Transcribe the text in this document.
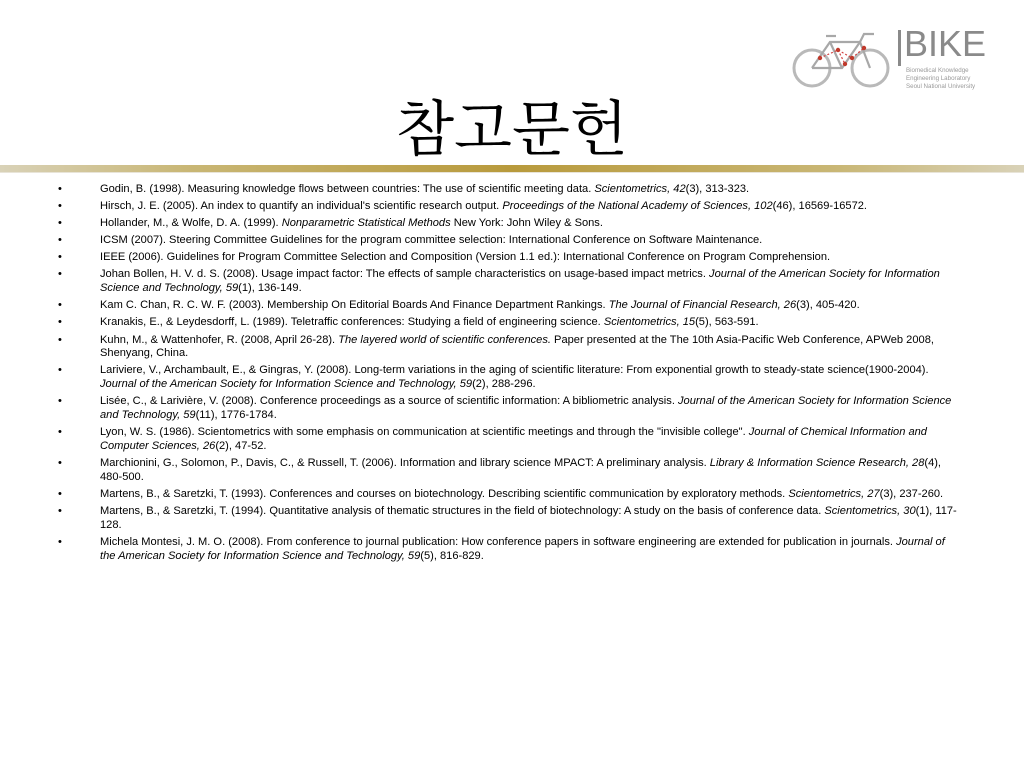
참고문헌
BIKE
Biomedical Knowledge
Engineering Laboratory
Seoul National University
•	Godin, B. (1998). Measuring knowledge flows between countries: The use of scientific meeting data. Scientometrics, 42(3), 313-323.
•	Hirsch, J. E. (2005). An index to quantify an individual's scientific research output. Proceedings of the National Academy of Sciences, 102(46), 16569-16572.
•	Hollander, M., & Wolfe, D. A. (1999). Nonparametric Statistical Methods New York: John Wiley & Sons.
•	ICSM (2007). Steering Committee Guidelines for the program committee selection: International Conference on Software Maintenance.
•	IEEE (2006). Guidelines for Program Committee Selection and Composition (Version 1.1 ed.): International Conference on Program Comprehension.
•	Johan Bollen, H. V. d. S. (2008). Usage impact factor: The effects of sample characteristics on usage-based impact metrics. Journal of the American Society for Information Science and Technology, 59(1), 136-149.
•	Kam C. Chan, R. C. W. F. (2003). Membership On Editorial Boards And Finance Department Rankings. The Journal of Financial Research, 26(3), 405-420.
•	Kranakis, E., & Leydesdorff, L. (1989). Teletraffic conferences: Studying a field of engineering science. Scientometrics, 15(5), 563-591.
•	Kuhn, M., & Wattenhofer, R. (2008, April 26-28). The layered world of scientific conferences. Paper presented at the The 10th Asia-Pacific Web Conference, APWeb 2008, Shenyang, China.
•	Lariviere, V., Archambault, E., & Gingras, Y. (2008). Long-term variations in the aging of scientific literature: From exponential growth to steady-state science(1900-2004). Journal of the American Society for Information Science and Technology, 59(2), 288-296.
•	Lisée, C., & Larivière, V. (2008). Conference proceedings as a source of scientific information: A bibliometric analysis. Journal of the American Society for Information Science and Technology, 59(11), 1776-1784.
•	Lyon, W. S. (1986). Scientometrics with some emphasis on communication at scientific meetings and through the "invisible college". Journal of Chemical Information and Computer Sciences, 26(2), 47-52.
•	Marchionini, G., Solomon, P., Davis, C., & Russell, T. (2006). Information and library science MPACT: A preliminary analysis. Library & Information Science Research, 28(4), 480-500.
•	Martens, B., & Saretzki, T. (1993). Conferences and courses on biotechnology. Describing scientific communication by exploratory methods. Scientometrics, 27(3), 237-260.
•	Martens, B., & Saretzki, T. (1994). Quantitative analysis of thematic structures in the field of biotechnology: A study on the basis of conference data. Scientometrics, 30(1), 117-128.
•	Michela Montesi, J. M. O. (2008). From conference to journal publication: How conference papers in software engineering are extended for publication in journals. Journal of the American Society for Information Science and Technology, 59(5), 816-829.
